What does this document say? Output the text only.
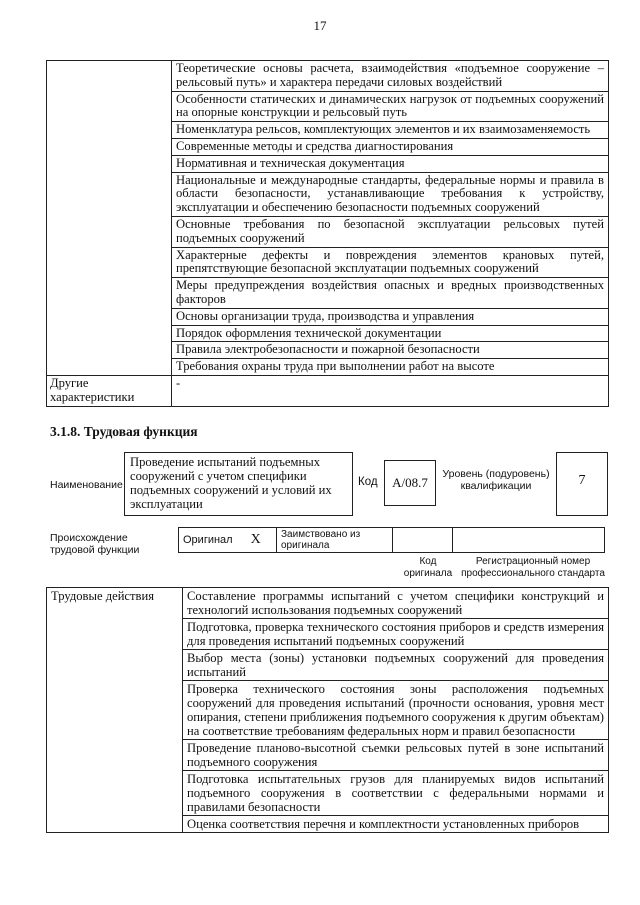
17
	Теоретические основы расчета, взаимодействия «подъемное сооружение – рельсовый путь» и характера передачи силовых воздействий
	Особенности статических и динамических нагрузок от подъемных сооружений на опорные конструкции и рельсовый путь
	Номенклатура рельсов, комплектующих элементов и их взаимозаменяемость
	Современные методы и средства диагностирования
	Нормативная и техническая документация
	Национальные и международные стандарты, федеральные нормы и правила в области безопасности, устанавливающие требования к устройству, эксплуатации и обеспечению безопасности подъемных сооружений
	Основные требования по безопасной эксплуатации рельсовых путей подъемных сооружений
	Характерные дефекты и повреждения элементов крановых путей, препятствующие безопасной эксплуатации подъемных сооружений
	Меры предупреждения воздействия опасных и вредных производственных факторов
	Основы организации труда, производства и управления
	Порядок оформления технической документации
	Правила электробезопасности и пожарной безопасности
	Требования охраны труда при выполнении работ на высоте
Другие характеристики	-
3.1.8. Трудовая функция
Наименование
Проведение испытаний подъемных сооружений с учетом специфики подъемных сооружений и условий их эксплуатации
Код	A/08.7
Уровень (подуровень) квалификации	7
Происхождение трудовой функции
Оригинал X	Заимствовано из оригинала		
Код оригинала
Регистрационный номер профессионального стандарта
Трудовые действия	Составление программы испытаний с учетом специфики конструкций и технологий использования подъемных сооружений
Подготовка, проверка технического состояния приборов и средств измерения для проведения испытаний подъемных сооружений
Выбор места (зоны) установки подъемных сооружений для проведения испытаний
Проверка технического состояния зоны расположения подъемных сооружений для проведения испытаний (прочности основания, уровня мест опирания, степени приближения подъемного сооружения к другим объектам) на соответствие требованиям федеральных норм и правил безопасности
Проведение планово-высотной съемки рельсовых путей в зоне испытаний подъемного сооружения
Подготовка испытательных грузов для планируемых видов испытаний подъемного сооружения в соответствии с федеральными нормами и правилами безопасности
Оценка соответствия перечня и комплектности установленных приборов
